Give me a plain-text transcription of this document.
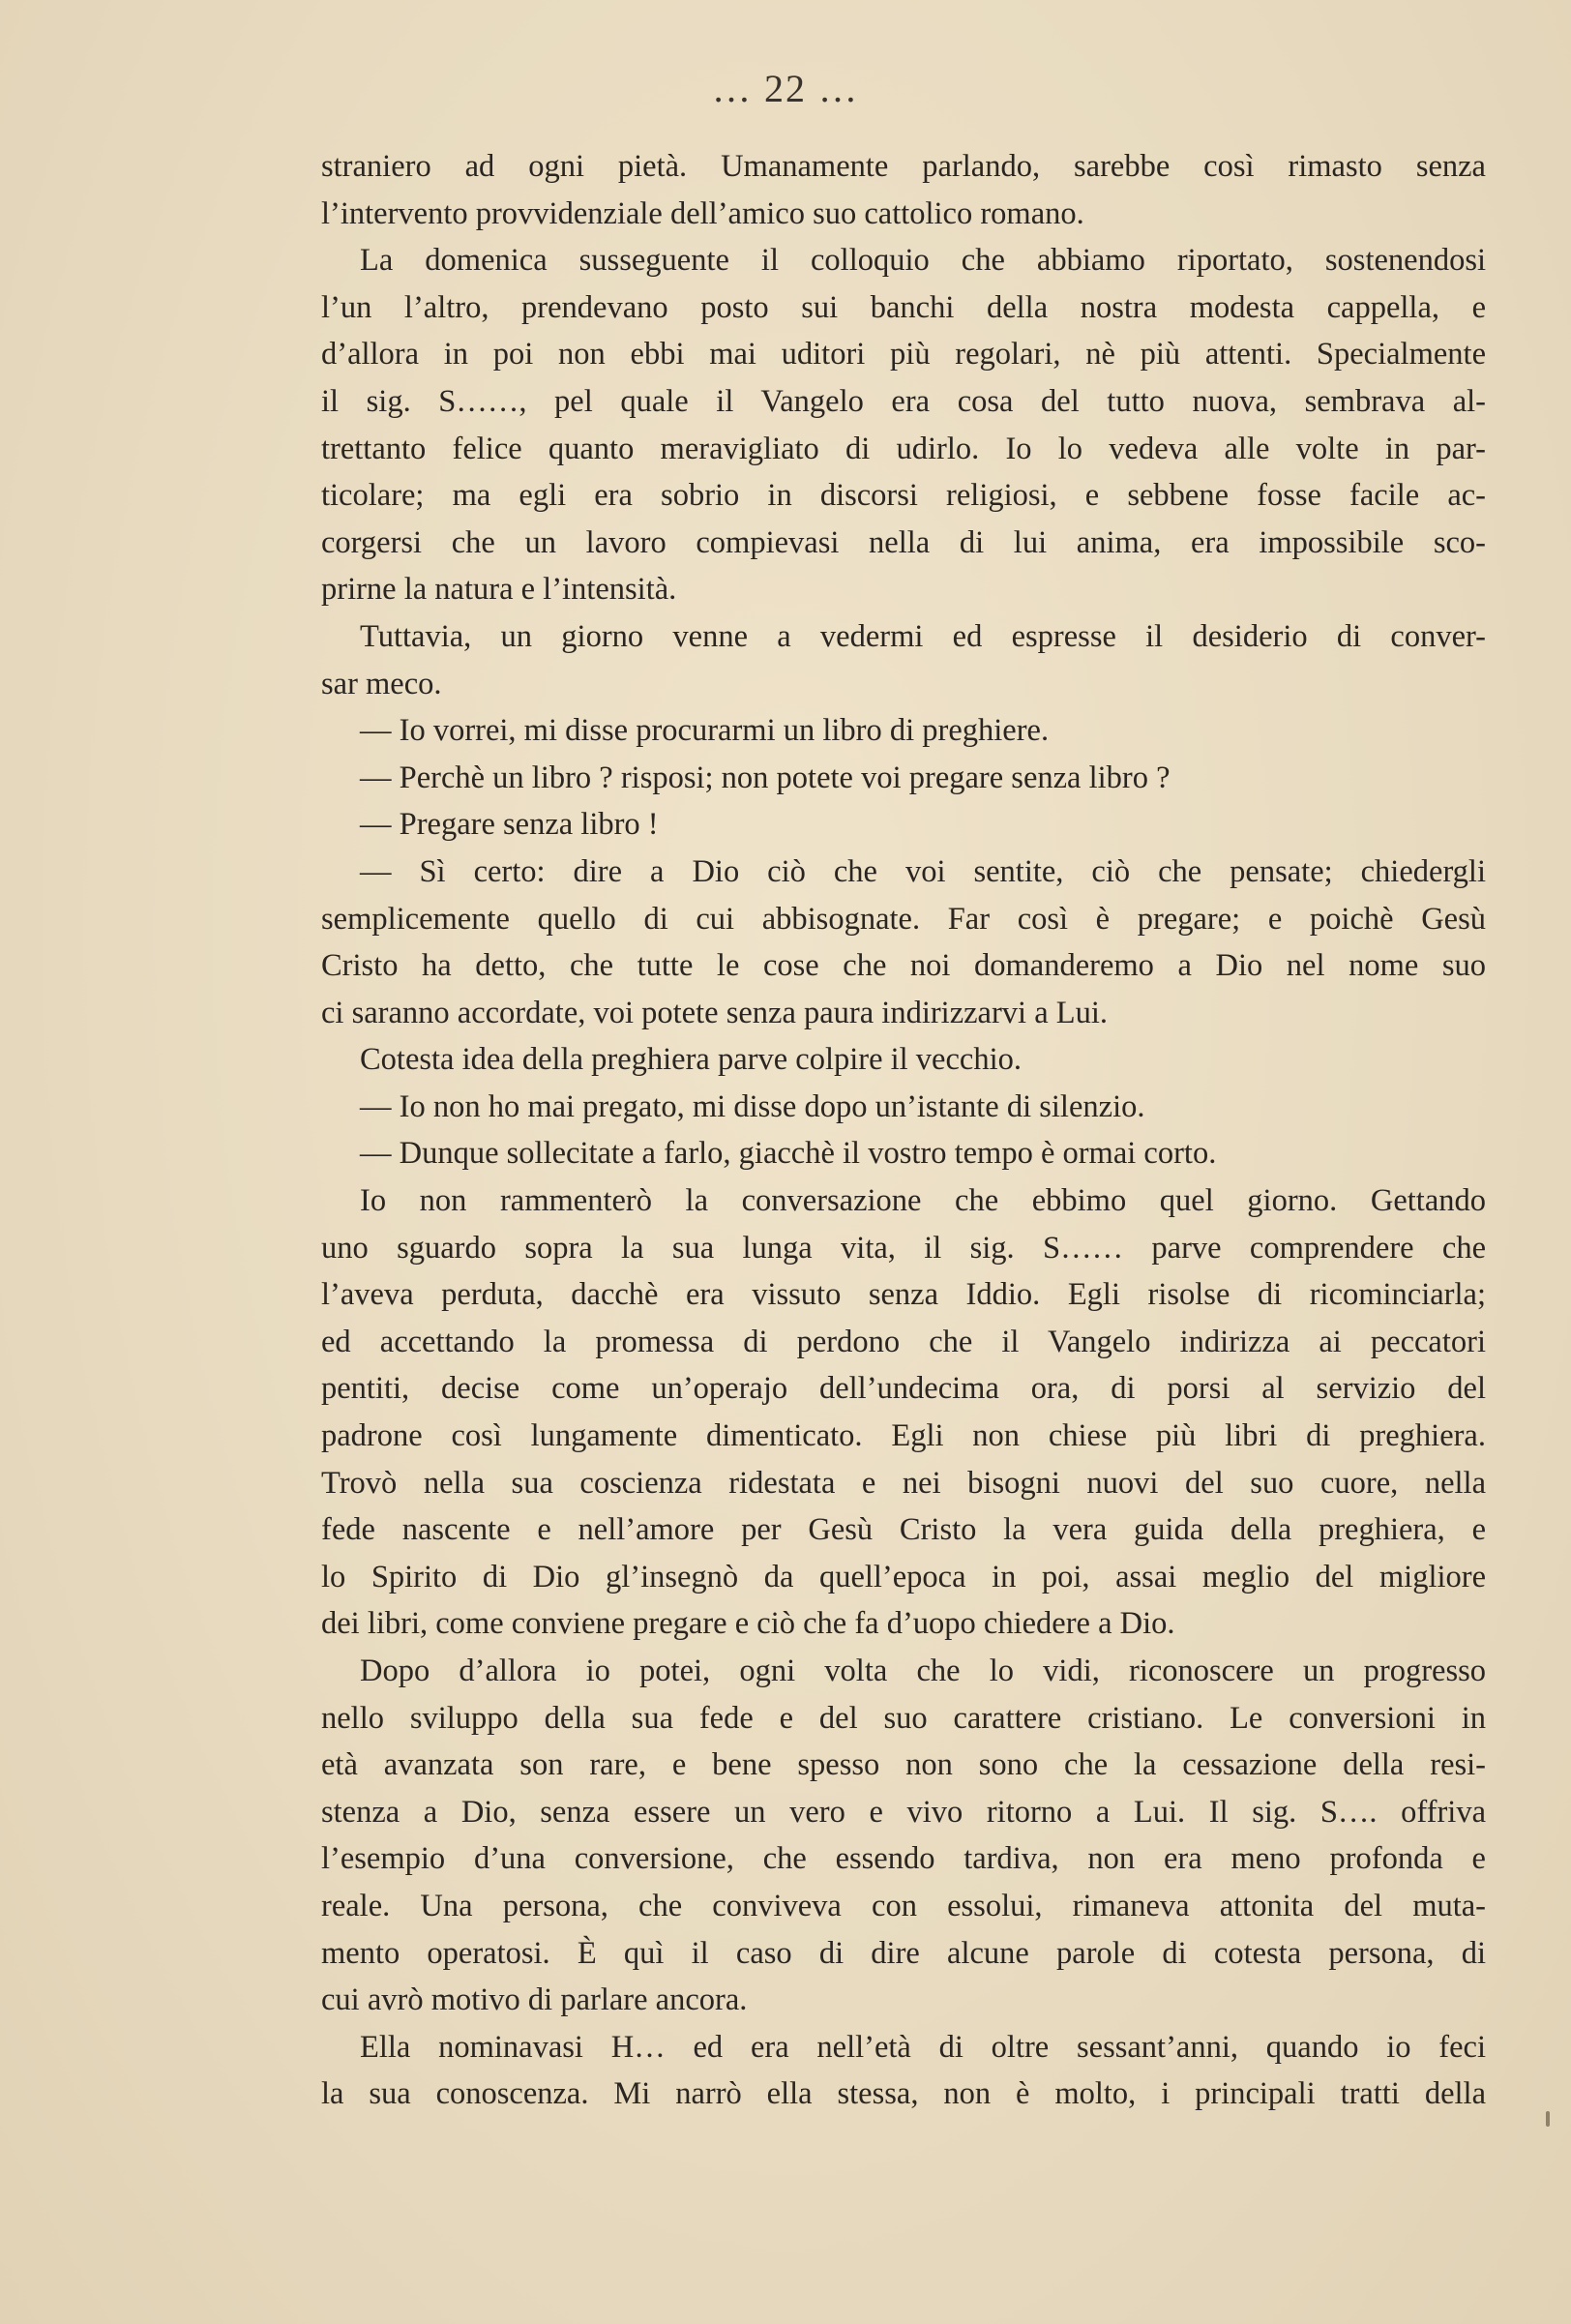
… 22 …
straniero ad ogni pietà. Umanamente parlando, sarebbe così rimasto senza
l’intervento provvidenziale dell’amico suo cattolico romano.
La domenica susseguente il colloquio che abbiamo riportato, sostenendosi
l’un l’altro, prendevano posto sui banchi della nostra modesta cappella, e
d’allora in poi non ebbi mai uditori più regolari, nè più attenti. Specialmente
il sig. S……, pel quale il Vangelo era cosa del tutto nuova, sembrava al-
trettanto felice quanto meravigliato di udirlo. Io lo vedeva alle volte in par-
ticolare; ma egli era sobrio in discorsi religiosi, e sebbene fosse facile ac-
corgersi che un lavoro compievasi nella di lui anima, era impossibile sco-
prirne la natura e l’intensità.
Tuttavia, un giorno venne a vedermi ed espresse il desiderio di conver-
sar meco.
— Io vorrei, mi disse procurarmi un libro di preghiere.
— Perchè un libro ? risposi; non potete voi pregare senza libro ?
— Pregare senza libro !
— Sì certo: dire a Dio ciò che voi sentite, ciò che pensate; chiedergli
semplicemente quello di cui abbisognate. Far così è pregare; e poichè Gesù
Cristo ha detto, che tutte le cose che noi domanderemo a Dio nel nome suo
ci saranno accordate, voi potete senza paura indirizzarvi a Lui.
Cotesta idea della preghiera parve colpire il vecchio.
— Io non ho mai pregato, mi disse dopo un’istante di silenzio.
— Dunque sollecitate a farlo, giacchè il vostro tempo è ormai corto.
Io non rammenterò la conversazione che ebbimo quel giorno. Gettando
uno sguardo sopra la sua lunga vita, il sig. S…… parve comprendere che
l’aveva perduta, dacchè era vissuto senza Iddio. Egli risolse di ricominciarla;
ed accettando la promessa di perdono che il Vangelo indirizza ai peccatori
pentiti, decise come un’operajo dell’undecima ora, di porsi al servizio del
padrone così lungamente dimenticato. Egli non chiese più libri di preghiera.
Trovò nella sua coscienza ridestata e nei bisogni nuovi del suo cuore, nella
fede nascente e nell’amore per Gesù Cristo la vera guida della preghiera, e
lo Spirito di Dio gl’insegnò da quell’epoca in poi, assai meglio del migliore
dei libri, come conviene pregare e ciò che fa d’uopo chiedere a Dio.
Dopo d’allora io potei, ogni volta che lo vidi, riconoscere un progresso
nello sviluppo della sua fede e del suo carattere cristiano. Le conversioni in
età avanzata son rare, e bene spesso non sono che la cessazione della resi-
stenza a Dio, senza essere un vero e vivo ritorno a Lui. Il sig. S…. offriva
l’esempio d’una conversione, che essendo tardiva, non era meno profonda e
reale. Una persona, che conviveva con essolui, rimaneva attonita del muta-
mento operatosi. È quì il caso di dire alcune parole di cotesta persona, di
cui avrò motivo di parlare ancora.
Ella nominavasi H… ed era nell’età di oltre sessant’anni, quando io feci
la sua conoscenza. Mi narrò ella stessa, non è molto, i principali tratti della
